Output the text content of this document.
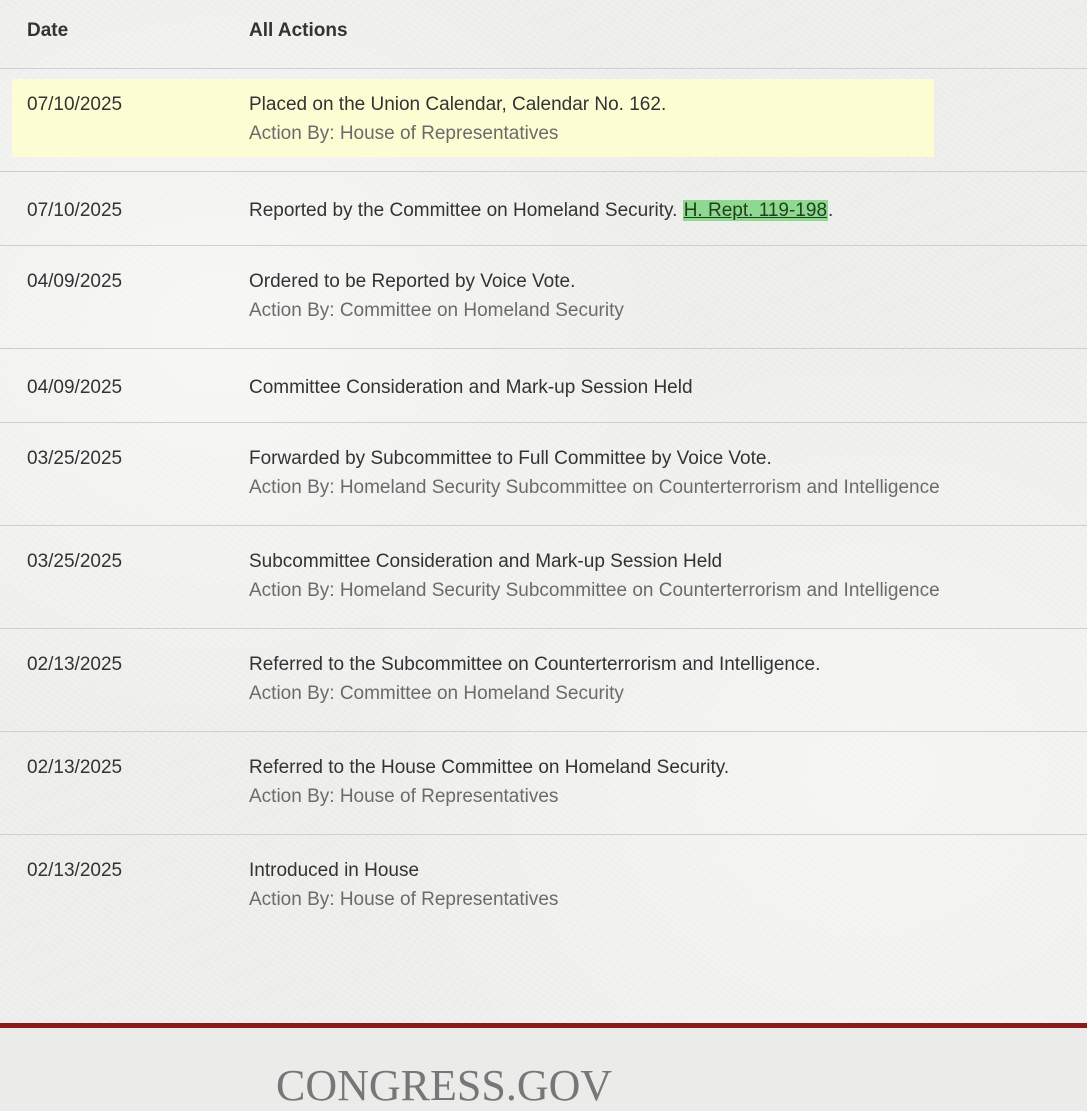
Date	All Actions
07/10/2025	Placed on the Union Calendar, Calendar No. 162.
Action By: House of Representatives
07/10/2025	Reported by the Committee on Homeland Security. H. Rept. 119-198.
04/09/2025	Ordered to be Reported by Voice Vote.
Action By: Committee on Homeland Security
04/09/2025	Committee Consideration and Mark-up Session Held
03/25/2025	Forwarded by Subcommittee to Full Committee by Voice Vote.
Action By: Homeland Security Subcommittee on Counterterrorism and Intelligence
03/25/2025	Subcommittee Consideration and Mark-up Session Held
Action By: Homeland Security Subcommittee on Counterterrorism and Intelligence
02/13/2025	Referred to the Subcommittee on Counterterrorism and Intelligence.
Action By: Committee on Homeland Security
02/13/2025	Referred to the House Committee on Homeland Security.
Action By: House of Representatives
02/13/2025	Introduced in House
Action By: House of Representatives
CONGRESS.GOV
